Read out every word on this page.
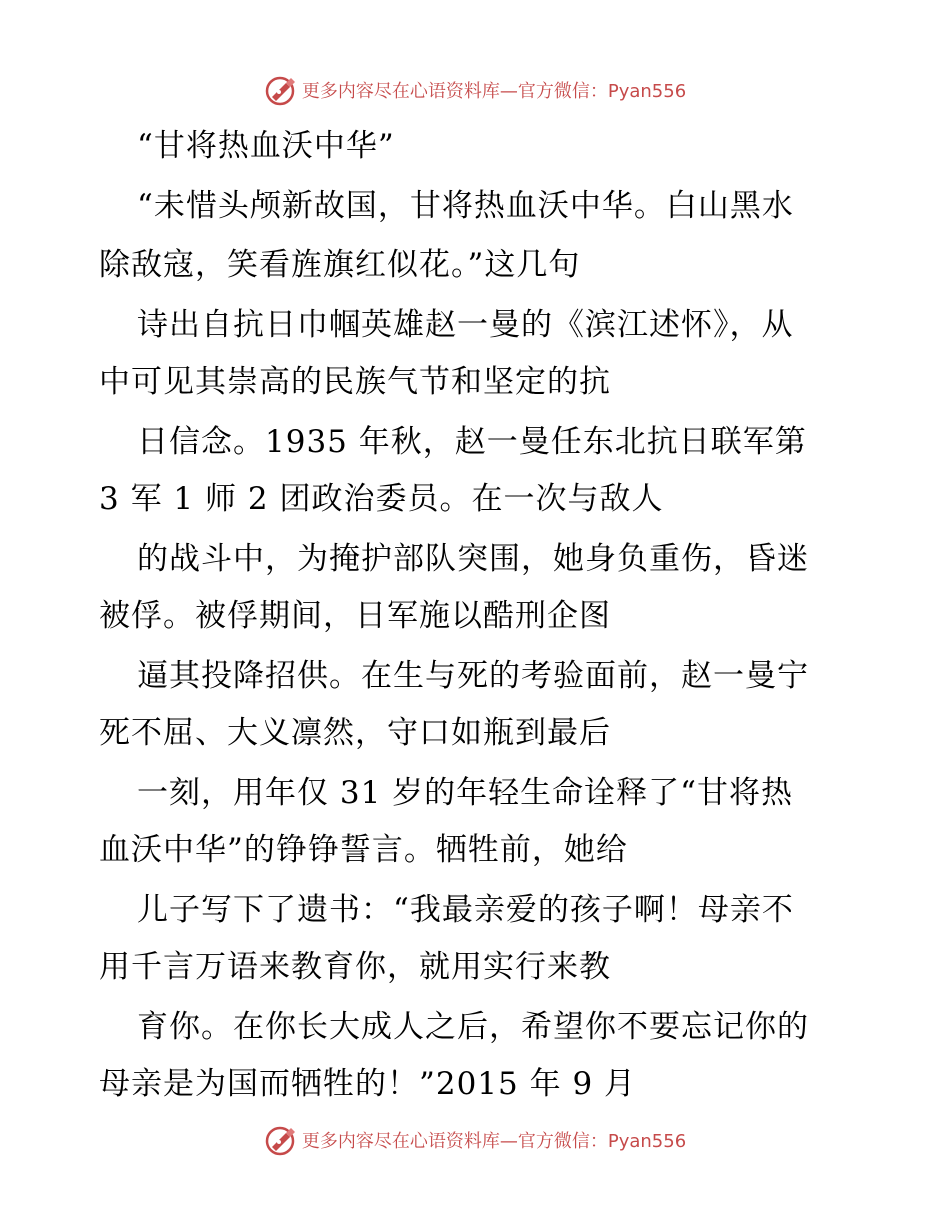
更多内容尽在心语资料库—官方微信：Pyan556
“甘将热血沃中华”
“未惜头颅新故国，甘将热血沃中华。白山黑水
除敌寇，笑看旌旗红似花。”这几句
诗出自抗日巾帼英雄赵一曼的《滨江述怀》，从
中可见其崇高的民族气节和坚定的抗
日信念。1935 年秋，赵一曼任东北抗日联军第
3 军 1 师 2 团政治委员。在一次与敌人
的战斗中，为掩护部队突围，她身负重伤，昏迷
被俘。被俘期间，日军施以酷刑企图
逼其投降招供。在生与死的考验面前，赵一曼宁
死不屈、大义凛然，守口如瓶到最后
一刻，用年仅 31 岁的年轻生命诠释了“甘将热
血沃中华”的铮铮誓言。牺牲前，她给
儿子写下了遗书：“我最亲爱的孩子啊！母亲不
用千言万语来教育你，就用实行来教
育你。在你长大成人之后，希望你不要忘记你的
母亲是为国而牺牲的！”2015 年 9 月
更多内容尽在心语资料库—官方微信：Pyan556
